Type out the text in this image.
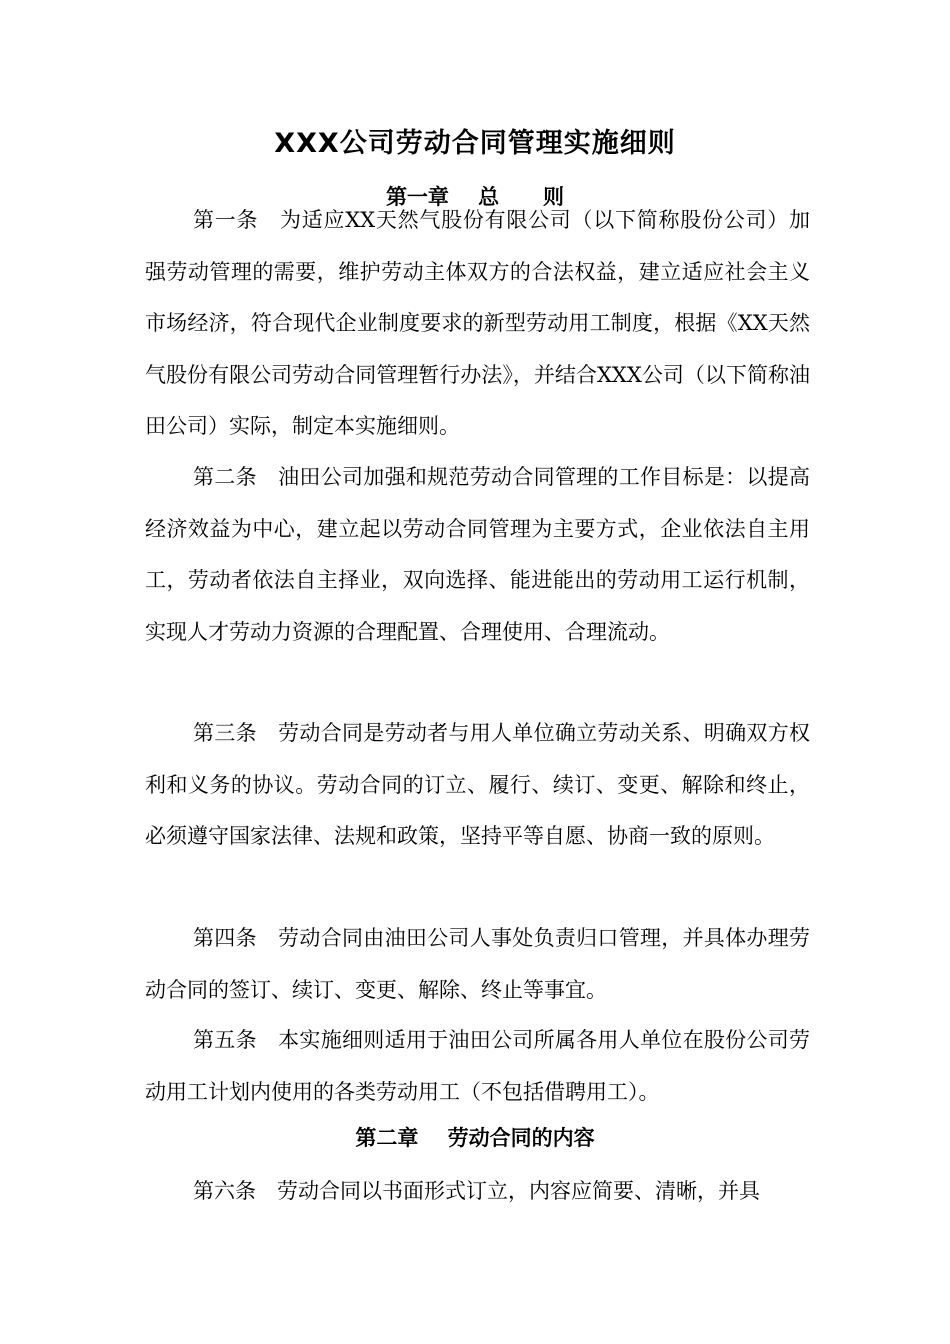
XXX公司劳动合同管理实施细则
第一章    总      则

第一条　为适应XX天然气股份有限公司（以下简称股份公司）加强劳动管理的需要，维护劳动主体双方的合法权益，建立适应社会主义市场经济，符合现代企业制度要求的新型劳动用工制度，根据《XX天然气股份有限公司劳动合同管理暂行办法》，并结合XXX公司（以下简称油田公司）实际，制定本实施细则。

第二条　油田公司加强和规范劳动合同管理的工作目标是：以提高经济效益为中心，建立起以劳动合同管理为主要方式，企业依法自主用工，劳动者依法自主择业，双向选择、能进能出的劳动用工运行机制，实现人才劳动力资源的合理配置、合理使用、合理流动。

第三条　劳动合同是劳动者与用人单位确立劳动关系、明确双方权利和义务的协议。劳动合同的订立、履行、续订、变更、解除和终止，必须遵守国家法律、法规和政策，坚持平等自愿、协商一致的原则。

第四条　劳动合同由油田公司人事处负责归口管理，并具体办理劳动合同的签订、续订、变更、解除、终止等事宜。

第五条　本实施细则适用于油田公司所属各用人单位在股份公司劳动用工计划内使用的各类劳动用工（不包括借聘用工）。

第二章    劳动合同的内容

第六条　劳动合同以书面形式订立，内容应简要、清晰，并具
